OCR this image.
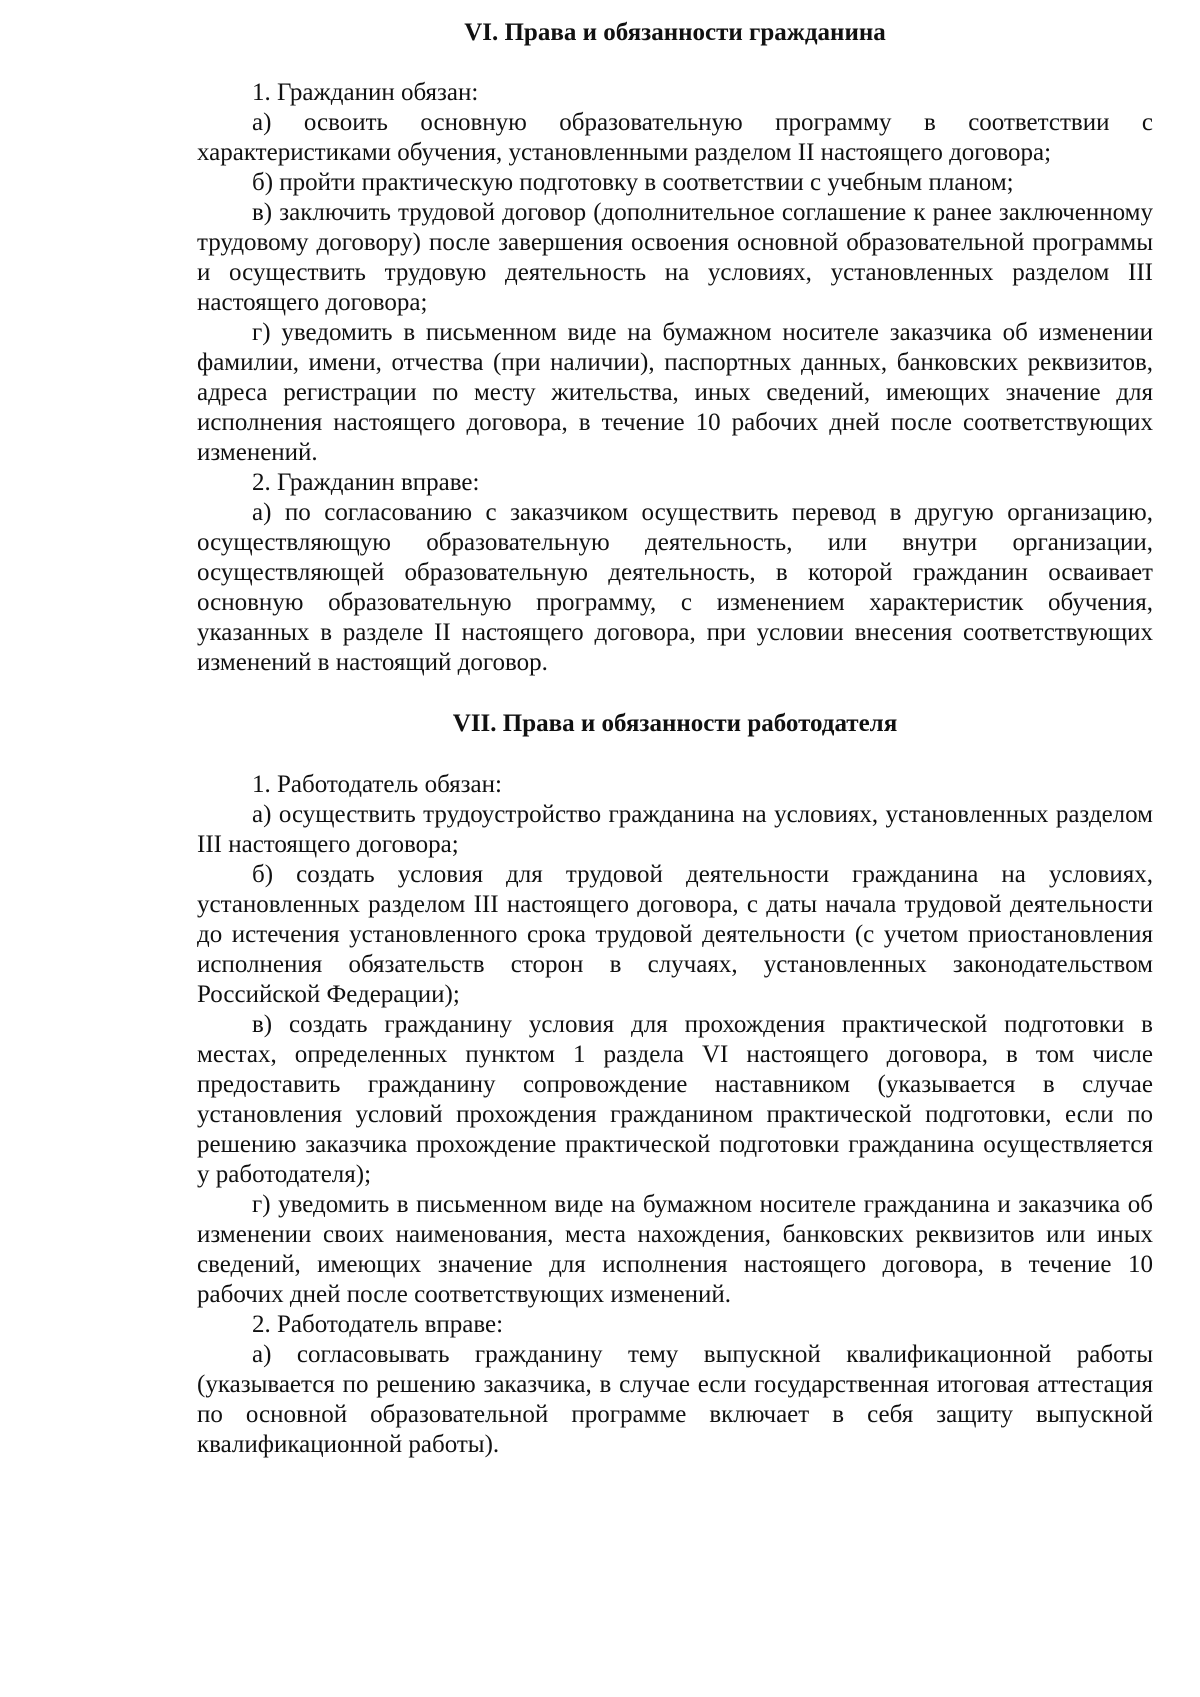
VI. Права и обязанности гражданина

1. Гражданин обязан:

а) освоить основную образовательную программу в соответствии с характеристиками обучения, установленными разделом II настоящего договора;

б) пройти практическую подготовку в соответствии с учебным планом;

в) заключить трудовой договор (дополнительное соглашение к ранее заключенному трудовому договору) после завершения освоения основной образовательной программы и осуществить трудовую деятельность на условиях, установленных разделом III настоящего договора;

г) уведомить в письменном виде на бумажном носителе заказчика об изменении фамилии, имени, отчества (при наличии), паспортных данных, банковских реквизитов, адреса регистрации по месту жительства, иных сведений, имеющих значение для исполнения настоящего договора, в течение 10 рабочих дней после соответствующих изменений.

2. Гражданин вправе:

а) по согласованию с заказчиком осуществить перевод в другую организацию, осуществляющую образовательную деятельность, или внутри организации, осуществляющей образовательную деятельность, в которой гражданин осваивает основную образовательную программу, с изменением характеристик обучения, указанных в разделе II настоящего договора, при условии внесения соответствующих изменений в настоящий договор.

VII. Права и обязанности работодателя

1. Работодатель обязан:

а) осуществить трудоустройство гражданина на условиях, установленных разделом III настоящего договора;

б) создать условия для трудовой деятельности гражданина на условиях, установленных разделом III настоящего договора, с даты начала трудовой деятельности до истечения установленного срока трудовой деятельности (с учетом приостановления исполнения обязательств сторон в случаях, установленных законодательством Российской Федерации);

в) создать гражданину условия для прохождения практической подготовки в местах, определенных пунктом 1 раздела VI настоящего договора, в том числе предоставить гражданину сопровождение наставником (указывается в случае установления условий прохождения гражданином практической подготовки, если по решению заказчика прохождение практической подготовки гражданина осуществляется у работодателя);

г) уведомить в письменном виде на бумажном носителе гражданина и заказчика об изменении своих наименования, места нахождения, банковских реквизитов или иных сведений, имеющих значение для исполнения настоящего договора, в течение 10 рабочих дней после соответствующих изменений.

2. Работодатель вправе:

а) согласовывать гражданину тему выпускной квалификационной работы (указывается по решению заказчика, в случае если государственная итоговая аттестация по основной образовательной программе включает в себя защиту выпускной квалификационной работы).
